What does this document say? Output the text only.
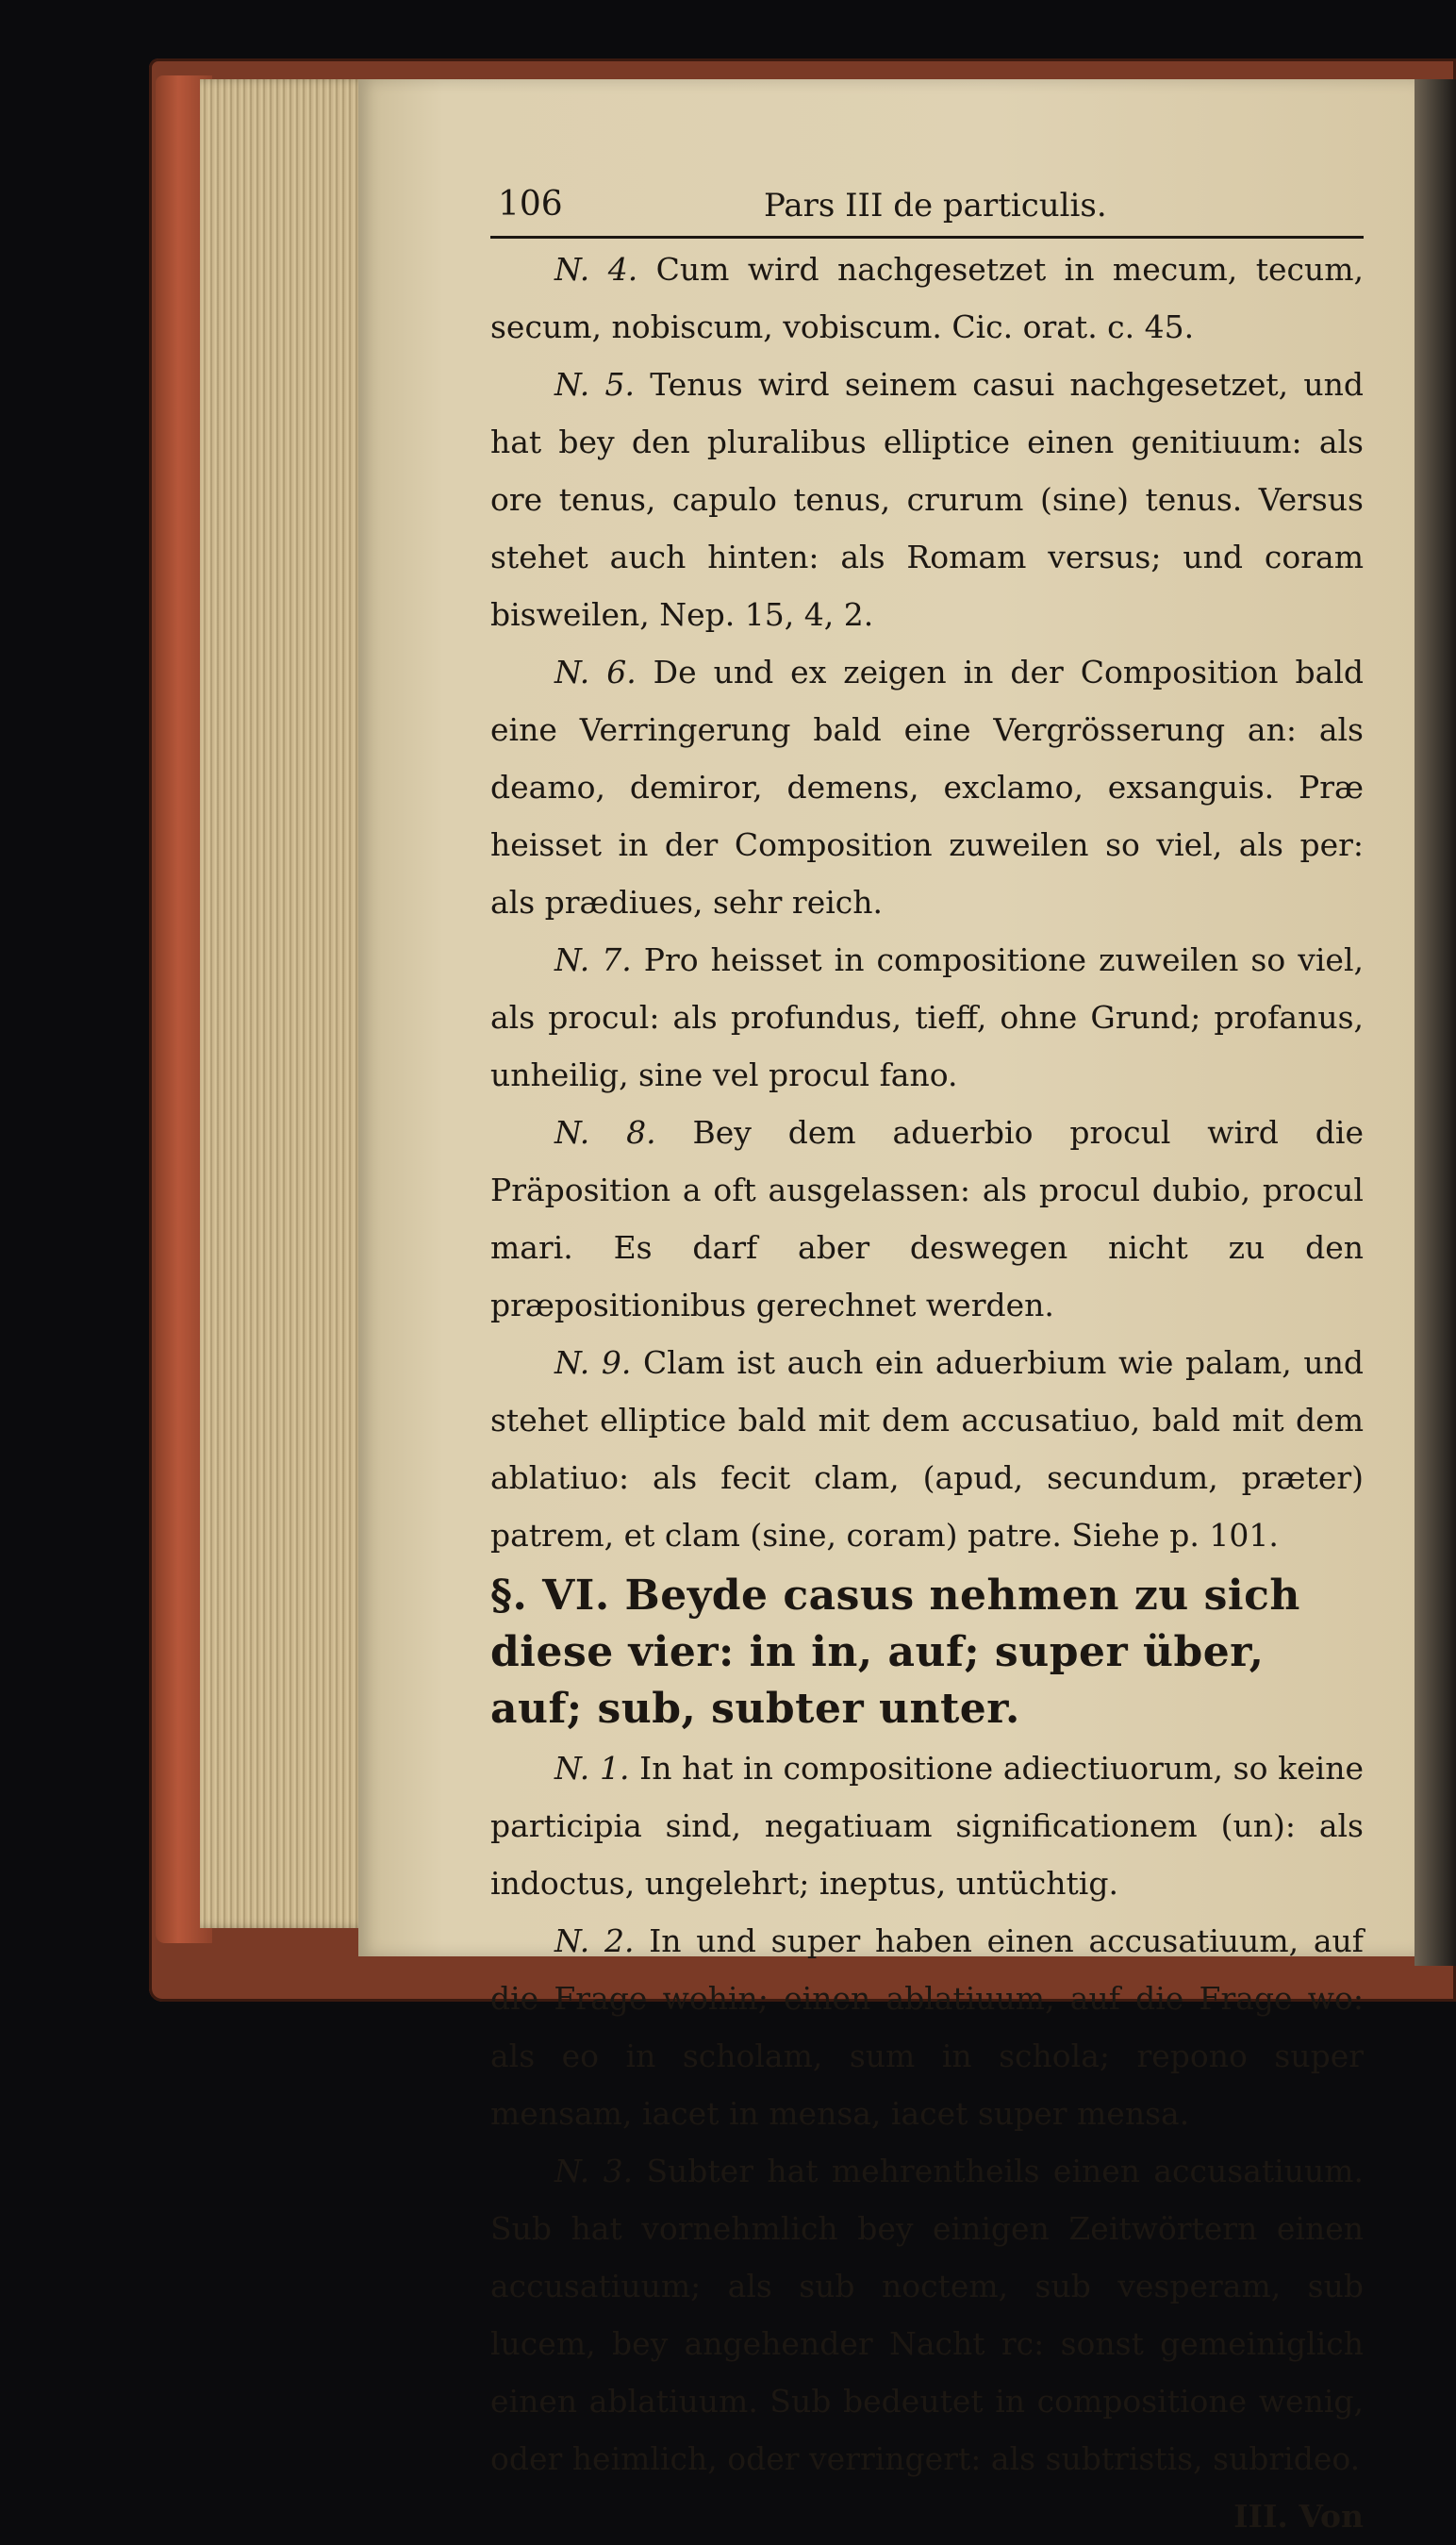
106	Pars III de particulis.

N. 4. Cum wird nachgesetzet in mecum, tecum, secum, nobiscum, vobiscum. Cic. orat. c. 45.

N. 5. Tenus wird seinem casui nachgesetzet, und hat bey den pluralibus elliptice einen genitiuum: als ore tenus, capulo tenus, crurum (sine) tenus. Versus stehet auch hinten: als Romam versus; und coram bisweilen, Nep. 15, 4, 2.

N. 6. De und ex zeigen in der Composition bald eine Verringerung bald eine Vergrösserung an: als deamo, demiror, demens, exclamo, exsanguis. Præ heisset in der Composition zuweilen so viel, als per: als prædiues, sehr reich.

N. 7. Pro heisset in compositione zuweilen so viel, als procul: als profundus, tieff, ohne Grund; profanus, unheilig, sine vel procul fano.

N. 8. Bey dem aduerbio procul wird die Präposition a oft ausgelassen: als procul dubio, procul mari. Es darf aber deswegen nicht zu den præpositionibus gerechnet werden.

N. 9. Clam ist auch ein aduerbium wie palam, und stehet elliptice bald mit dem accusatiuo, bald mit dem ablatiuo: als fecit clam, (apud, secundum, præter) patrem, et clam (sine, coram) patre. Siehe p. 101.

§. VI. Beyde casus nehmen zu sich diese vier: in in, auf; super über, auf; sub, subter unter.

N. 1. In hat in compositione adiectiuorum, so keine participia sind, negatiuam significationem (un): als indoctus, ungelehrt; ineptus, untüchtig.

N. 2. In und super haben einen accusatiuum, auf die Frage wohin; einen ablatiuum, auf die Frage wo: als eo in scholam, sum in schola; repono super mensam, iacet in mensa, iacet super mensa.

N. 3. Subter hat mehrentheils einen accusatiuum. Sub hat vornehmlich bey einigen Zeitwörtern einen accusatiuum; als sub noctem, sub vesperam, sub lucem, bey angehender Nacht rc: sonst gemeiniglich einen ablatiuum. Sub bedeutet in compositione wenig, oder heimlich, oder verringert: als subtristis, subrideo.

III. Von
